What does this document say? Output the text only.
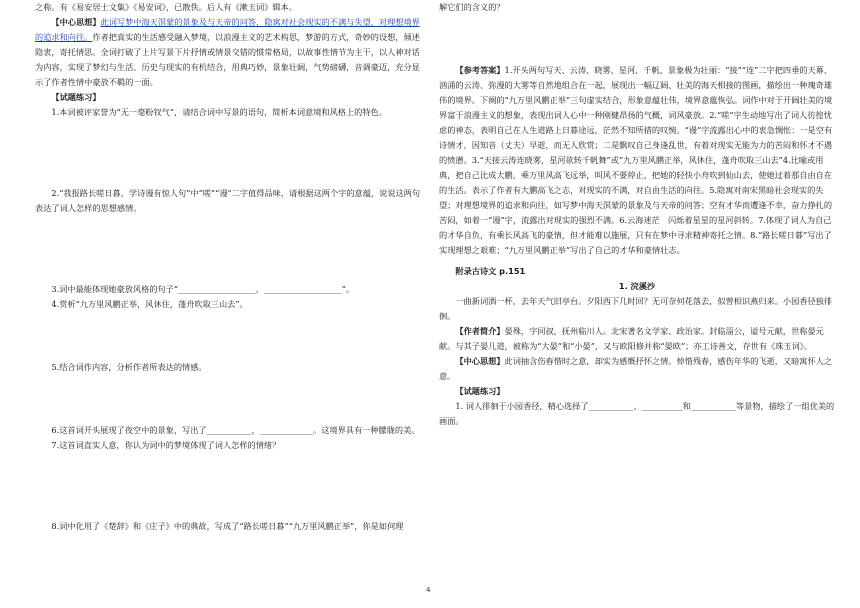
之称。有《易安居士文集》《易安词》，已散佚。后人有《漱玉词》辑本。

【中心思想】此词写梦中海天溟蒙的景象及与天帝的问答，隐寓对社会现实的不满与失望，对理想境界的追求和向往。作者把真实的生活感受融入梦境，以浪漫主义的艺术构思，梦游的方式，奇妙的设想，倾述隐衷，寄托情思。全词打破了上片写景下片抒情或情景交错的惯常格局，以故事性情节为主干，以人神对话为内容，实现了梦幻与生活、历史与现实的有机结合，用典巧妙，景象壮阔，气势磅礴，音调豪迈，充分显示了作者性情中豪放不羁的一面。

【试题练习】

1.本词被评家誉为“无一毫粉钗气”，请结合词中写景的语句，简析本词意境和风格上的特色。

2.“我报路长嗟日暮，学诗谩有惊人句”中“嗟”“谩”二字值得品味，请根据这两个字的意蕴，说说这两句表达了词人怎样的思想感情。

3.词中最能体现她豪放风格的句子“___________________，___________________”。

4.赏析“九万里风鹏正举，风休住，蓬舟吹取三山去”。

5.结合词作内容，分析作者所表达的情感。

6.这首词开头展现了夜空中的景象，写出了___________，_____________。这境界具有一种朦胧的美。

7.这首词直实人意，你认为词中的梦境体现了词人怎样的情绪？

8.词中化用了《楚辞》和《庄子》中的典故，写成了“路长嗟日暮”“九万里风鹏正举”，你是如何理

解它们的含义的？

【参考答案】1.开头两句写天、云涛、晓雾、星河、千帆，景象极为壮丽：“接”“连”二字把四垂的天幕、汹涌的云涛、弥漫的大雾等自然地组合在一起，展现出一幅辽阔、壮美的海天相接的图画，描绘出一种瑰奇雄伟的境界。下阕的“九万里风鹏正举”三句虚实结合，形象意蕴壮伟，境界意蕴恢弘。词作中对于开阔壮美的境界富于浪漫主义的想象，表现出词人心中一种刚健昂扬的气概，词风豪放。2.“嗟”字生动地写出了词人彷徨忧虑的神态，表明自己在人生道路上日暮途远，茫然不知所措的叹惋。“谩”字流露出心中的衷急惆怅：一是空有诗情才，因知音（丈夫）早逝，而无人欣赏；二是飘叹自己身逢乱世，有着对现实无能为力的苦闷和怀才不遇的愤懑。3.“天接云涛连晓雾，星河欲转千帆舞”或“九万里风鹏正举，风休住，蓬舟吹取三山去”4.比喻或用典，把自己比成大鹏，乘万里风高飞远举，叫风不要停止，把她的轻快小舟吹到仙山去，使她过着那自由自在的生活。表示了作者有大鹏高飞之志，对现实的不满，对自由生活的向往。5.隐寓对南宋黑暗社会现实的失望；对理想境界的追求和向往，如写梦中海天溟蒙的景象及与天帝的问答；空有才华而遭逢不幸，奋力挣扎的苦闷，如着一“谩”字，流露出对现实的强烈不满。6.云海迷茫　闪烁着星星的星河斜转。7.体现了词人为自己的才华自负，有乘长风高飞的豪情，但才能难以施展，只有在梦中寻求精神寄托之情。8.“路长嗟日暮”写出了实现理想之艰难；“九万里风鹏正举”写出了自己的才华和豪情壮志。

附录古诗文 p.151

1. 浣溪沙

一曲新词酒一杯，去年天气旧亭台。夕阳西下几时回？无可奈何花落去，似曾相识燕归来。小园香径独徘徊。

【作者简介】晏殊，字同叔，抚州临川人。北宋著名文学家、政治家。封临淄公，谥号元献，世称晏元献。与其子晏几道，被称为“大晏”和“小晏”，又与欧阳修并称“晏欧”；亦工诗善文，存世有《珠玉词》。

【中心思想】此词抽含伤春惜时之意，却实为感慨抒怀之情。悼惜残春，感伤年华的飞逝，又暗寓怀人之意。

【试题练习】

1. 词人徘徊于小园香径，精心选择了___________、__________和___________等景物，描绘了一组优美的画面。

4
